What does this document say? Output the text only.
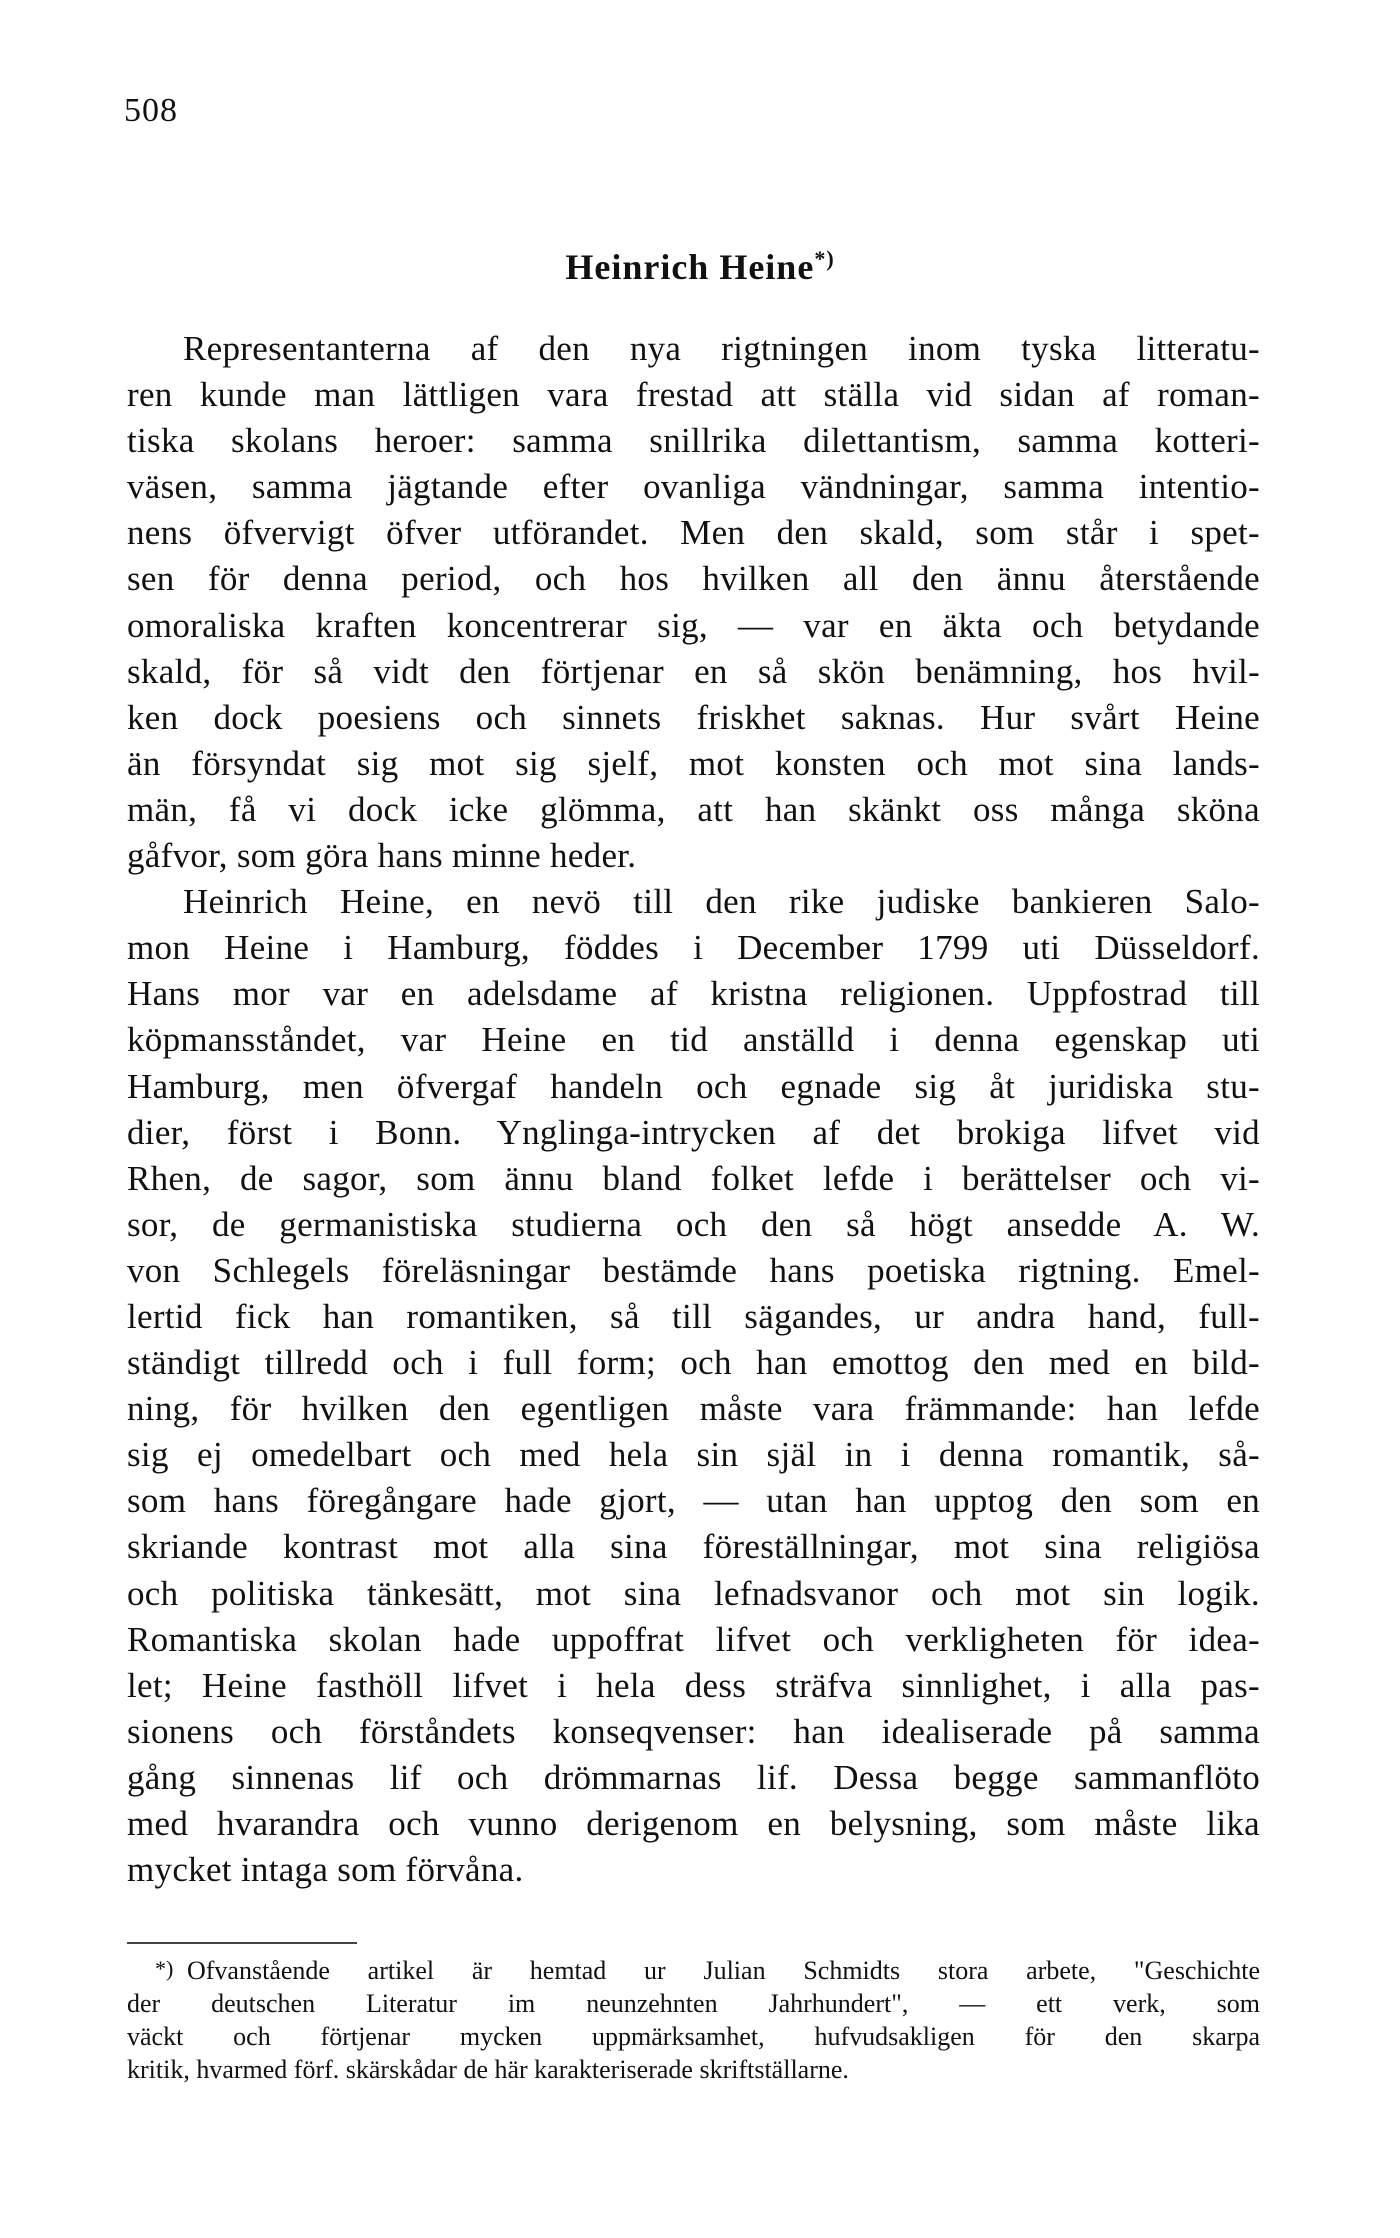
508
Heinrich Heine*)
Representanterna af den nya rigtningen inom tyska litteratu-
ren kunde man lättligen vara frestad att ställa vid sidan af roman-
tiska skolans heroer: samma snillrika dilettantism, samma kotteri-
väsen, samma jägtande efter ovanliga vändningar, samma intentio-
nens öfvervigt öfver utförandet. Men den skald, som står i spet-
sen för denna period, och hos hvilken all den ännu återstående
omoraliska kraften koncentrerar sig, — var en äkta och betydande
skald, för så vidt den förtjenar en så skön benämning, hos hvil-
ken dock poesiens och sinnets friskhet saknas. Hur svårt Heine
än försyndat sig mot sig sjelf, mot konsten och mot sina lands-
män, få vi dock icke glömma, att han skänkt oss många sköna
gåfvor, som göra hans minne heder.
Heinrich Heine, en nevö till den rike judiske bankieren Salo-
mon Heine i Hamburg, föddes i December 1799 uti Düsseldorf.
Hans mor var en adelsdame af kristna religionen. Uppfostrad till
köpmansståndet, var Heine en tid anställd i denna egenskap uti
Hamburg, men öfvergaf handeln och egnade sig åt juridiska stu-
dier, först i Bonn. Ynglinga-intrycken af det brokiga lifvet vid
Rhen, de sagor, som ännu bland folket lefde i berättelser och vi-
sor, de germanistiska studierna och den så högt ansedde A. W.
von Schlegels föreläsningar bestämde hans poetiska rigtning. Emel-
lertid fick han romantiken, så till sägandes, ur andra hand, full-
ständigt tillredd och i full form; och han emottog den med en bild-
ning, för hvilken den egentligen måste vara främmande: han lefde
sig ej omedelbart och med hela sin själ in i denna romantik, så-
som hans föregångare hade gjort, — utan han upptog den som en
skriande kontrast mot alla sina föreställningar, mot sina religiösa
och politiska tänkesätt, mot sina lefnadsvanor och mot sin logik.
Romantiska skolan hade uppoffrat lifvet och verkligheten för idea-
let; Heine fasthöll lifvet i hela dess sträfva sinnlighet, i alla pas-
sionens och förståndets konseqvenser: han idealiserade på samma
gång sinnenas lif och drömmarnas lif. Dessa begge sammanflöto
med hvarandra och vunno derigenom en belysning, som måste lika
mycket intaga som förvåna.
*) Ofvanstående artikel är hemtad ur Julian Schmidts stora arbete, "Geschichte
der deutschen Literatur im neunzehnten Jahrhundert", — ett verk, som
väckt och förtjenar mycken uppmärksamhet, hufvudsakligen för den skarpa
kritik, hvarmed förf. skärskådar de här karakteriserade skriftställarne.
